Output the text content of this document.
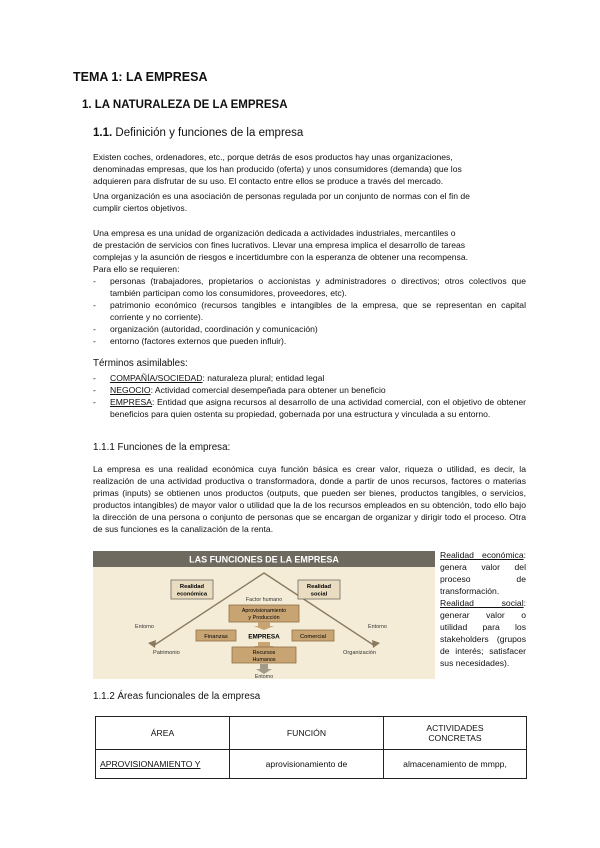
TEMA 1: LA EMPRESA
1. LA NATURALEZA DE LA EMPRESA
1.1. Definición y funciones de la empresa
Existen coches, ordenadores, etc., porque detrás de esos productos hay unas organizaciones,
denominadas empresas, que los han producido (oferta) y unos consumidores (demanda) que los
adquieren para disfrutar de su uso. El contacto entre ellos se produce a través del mercado.
Una organización es una asociación de personas regulada por un conjunto de normas con el fin de
cumplir ciertos objetivos.
Una empresa es una unidad de organización dedicada a actividades industriales, mercantiles o
de prestación de servicios con fines lucrativos. Llevar una empresa implica el desarrollo de tareas
complejas y la asunción de riesgos e incertidumbre con la esperanza de obtener una recompensa.
Para ello se requieren:
- personas (trabajadores, propietarios o accionistas y administradores o directivos; otros colectivos que también participan como los consumidores, proveedores, etc).
- patrimonio económico (recursos tangibles e intangibles de la empresa, que se representan en capital corriente y no corriente).
- organización (autoridad, coordinación y comunicación)
- entorno (factores externos que pueden influir).
Términos asimilables:
- COMPAÑÍA/SOCIEDAD: naturaleza plural; entidad legal
- NEGOCIO: Actividad comercial desempeñada para obtener un beneficio
- EMPRESA: Entidad que asigna recursos al desarrollo de una actividad comercial, con el objetivo de obtener beneficios para quien ostenta su propiedad, gobernada por una estructura y vinculada a su entorno.
1.1.1 Funciones de la empresa:
La empresa es una realidad económica cuya función básica es crear valor, riqueza o utilidad, es decir, la realización de una actividad productiva o transformadora, donde a partir de unos recursos, factores o materias primas (inputs) se obtienen unos productos (outputs, que pueden ser bienes, productos tangibles, o servicios, productos intangibles) de mayor valor o utilidad que la de los recursos empleados en su obtención, todo ello bajo la dirección de una persona o conjunto de personas que se encargan de organizar y dirigir todo el proceso. Otra de sus funciones es la canalización de la renta.
LAS FUNCIONES DE LA EMPRESA
Realidad
económica
Realidad
social
Factor humano
Aprovisionamiento
y Producción
Entorno	Entorno
Finanzas	EMPRESA	Comercial
Recursos
Humanos
Patrimonio	Organización
Entorno
Realidad económica: genera valor del proceso de transformación.
Realidad social: generar valor o utilidad para los stakeholders (grupos de interés; satisfacer sus necesidades).
1.1.2 Áreas funcionales de la empresa
ÁREA	FUNCIÓN	ACTIVIDADES CONCRETAS
APROVISIONAMIENTO Y	aprovisionamiento de	almacenamiento de mmpp,
